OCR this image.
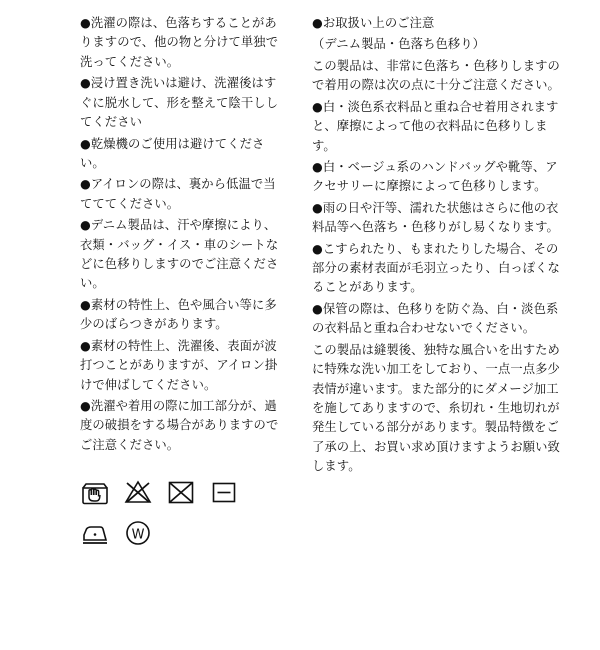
●洗濯の際は、色落ちすることがありますので、他の物と分けて単独で洗ってください。

●浸け置き洗いは避け、洗濯後はすぐに脱水して、形を整えて陰干ししてください

●乾燥機のご使用は避けてください。

●アイロンの際は、裏から低温で当てててください。

●デニム製品は、汗や摩擦により、衣類・バッグ・イス・車のシートなどに色移りしますのでご注意ください。

●素材の特性上、色や風合い等に多少のばらつきがあります。

●素材の特性上、洗濯後、表面が波打つことがありますが、アイロン掛けで伸ばしてください。

●洗濯や着用の際に加工部分が、過度の破損をする場合がありますのでご注意ください。

W

●お取扱い上のご注意

（デニム製品・色落ち色移り）

この製品は、非常に色落ち・色移りしますので着用の際は次の点に十分ご注意ください。

●白・淡色系衣料品と重ね合せ着用されますと、摩擦によって他の衣料品に色移りします。

●白・ベージュ系のハンドバッグや靴等、アクセサリーに摩擦によって色移りします。

●雨の日や汗等、濡れた状態はさらに他の衣料品等へ色落ち・色移りがし易くなります。

●こすられたり、もまれたりした場合、その部分の素材表面が毛羽立ったり、白っぽくなることがあります。

●保管の際は、色移りを防ぐ為、白・淡色系の衣料品と重ね合わせないでください。

この製品は縫製後、独特な風合いを出すために特殊な洗い加工をしており、一点一点多少表情が違います。また部分的にダメージ加工を施してありますので、糸切れ・生地切れが発生している部分があります。製品特徴をご了承の上、お買い求め頂けますようお願い致します。
